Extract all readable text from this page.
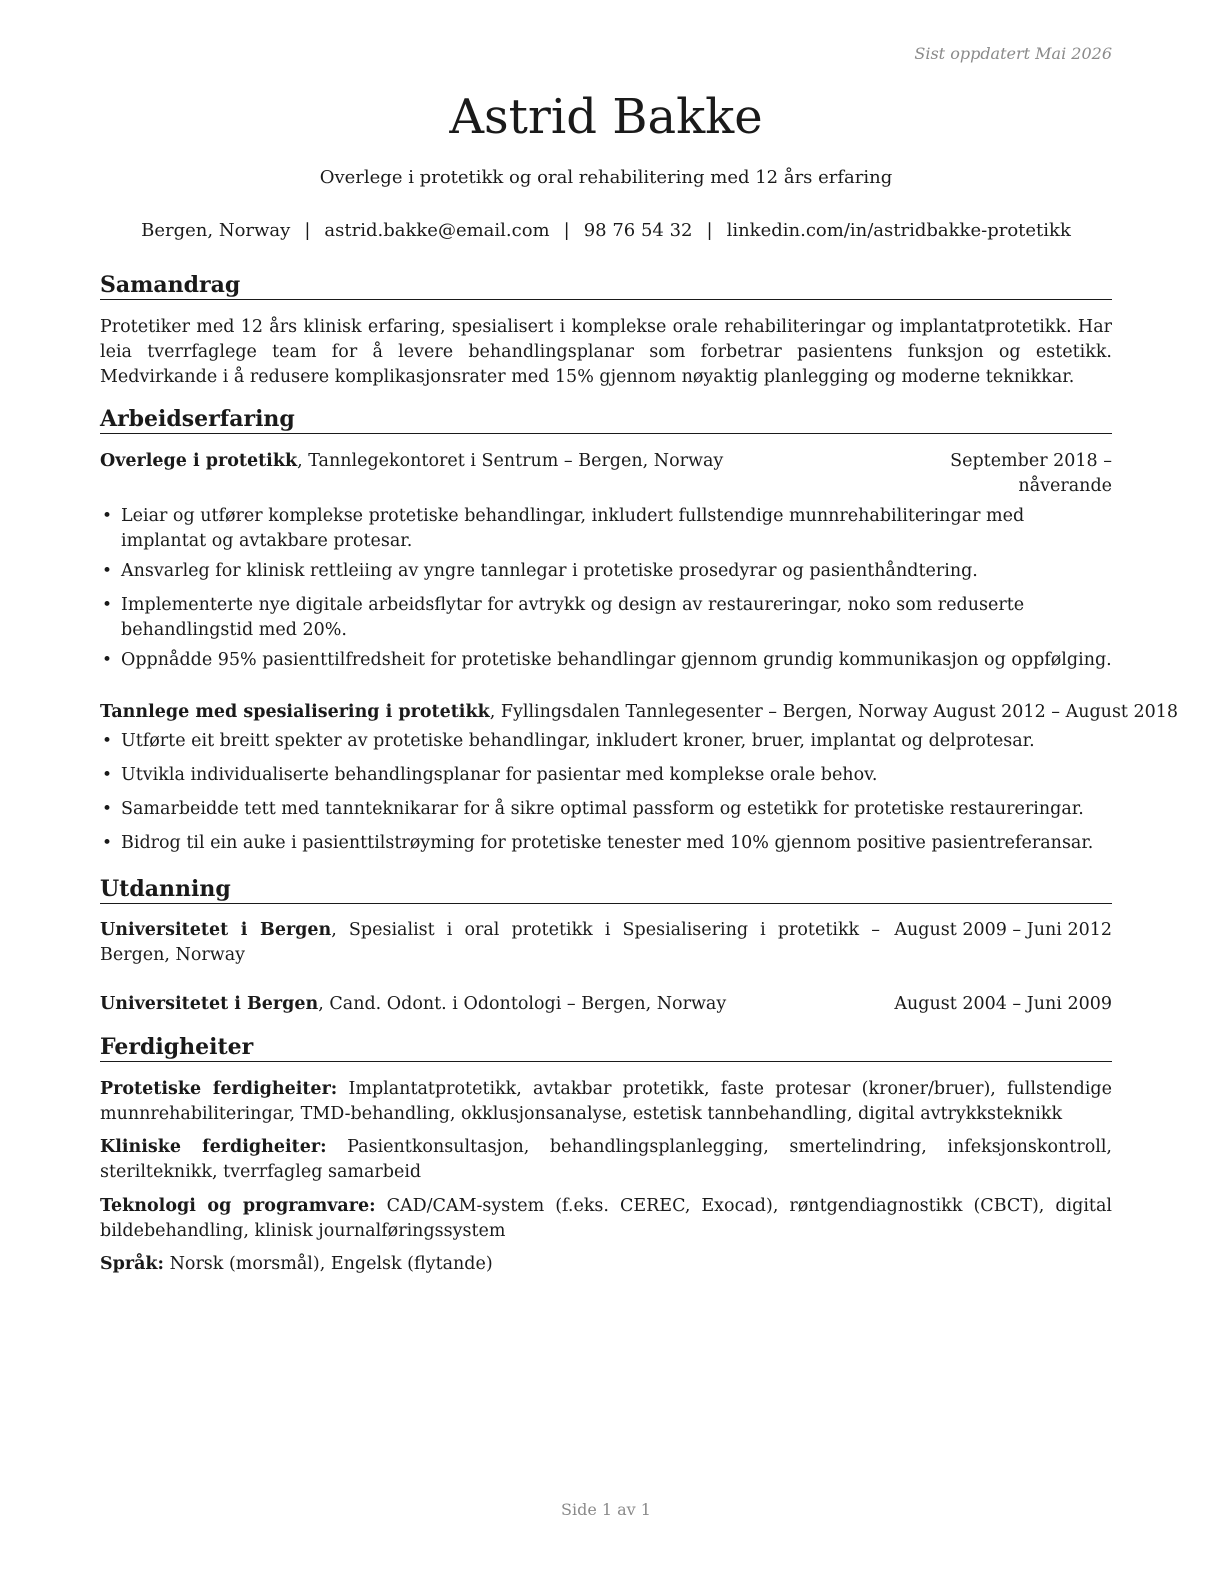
Sist oppdatert Mai 2026
Astrid Bakke
Overlege i protetikk og oral rehabilitering med 12 års erfaring
Bergen, Norway | astrid.bakke@email.com | 98 76 54 32 | linkedin.com/in/astridbakke-protetikk
Samandrag
Protetiker med 12 års klinisk erfaring, spesialisert i komplekse orale rehabiliteringar og implantatprotetikk. Har leia tverrfaglege team for å levere behandlingsplanar som forbetrar pasientens funksjon og estetikk. Medvirkande i å redusere komplikasjonsrater med 15% gjennom nøyaktig planlegging og moderne teknikkar.
Arbeidserfaring
September 2018 – nåverande
Overlege i protetikk, Tannlegekontoret i Sentrum – Bergen, Norway
• Leiar og utfører komplekse protetiske behandlingar, inkludert fullstendige munnrehabiliteringar med implantat og avtakbare protesar.
• Ansvarleg for klinisk rettleiing av yngre tannlegar i protetiske prosedyrar og pasienthåndtering.
• Implementerte nye digitale arbeidsflytar for avtrykk og design av restaureringar, noko som reduserte behandlingstid med 20%.
• Oppnådde 95% pasienttilfredsheit for protetiske behandlingar gjennom grundig kommunikasjon og oppfølging.
Tannlege med spesialisering i protetikk, Fyllingsdalen Tannlegesenter – Bergen, Norway August 2012 – August 2018
• Utførte eit breitt spekter av protetiske behandlingar, inkludert kroner, bruer, implantat og delprotesar.
• Utvikla individualiserte behandlingsplanar for pasientar med komplekse orale behov.
• Samarbeidde tett med tannteknikarar for å sikre optimal passform og estetikk for protetiske restaureringar.
• Bidrog til ein auke i pasienttilstrøyming for protetiske tenester med 10% gjennom positive pasientreferansar.
Utdanning
Universitetet i Bergen, Spesialist i oral protetikk i Spesialisering i protetikk – Bergen, Norway
August 2009 – Juni 2012
Universitetet i Bergen, Cand. Odont. i Odontologi – Bergen, Norway	August 2004 – Juni 2009
Ferdigheiter
Protetiske ferdigheiter: Implantatprotetikk, avtakbar protetikk, faste protesar (kroner/bruer), fullstendige munnrehabiliteringar, TMD-behandling, okklusjonsanalyse, estetisk tannbehandling, digital avtrykksteknikk
Kliniske ferdigheiter: Pasientkonsultasjon, behandlingsplanlegging, smertelindring, infeksjonskontroll, sterilteknikk, tverrfagleg samarbeid
Teknologi og programvare: CAD/CAM-system (f.eks. CEREC, Exocad), røntgendiagnostikk (CBCT), digital bildebehandling, klinisk journalføringssystem
Språk: Norsk (morsmål), Engelsk (flytande)
Side 1 av 1
